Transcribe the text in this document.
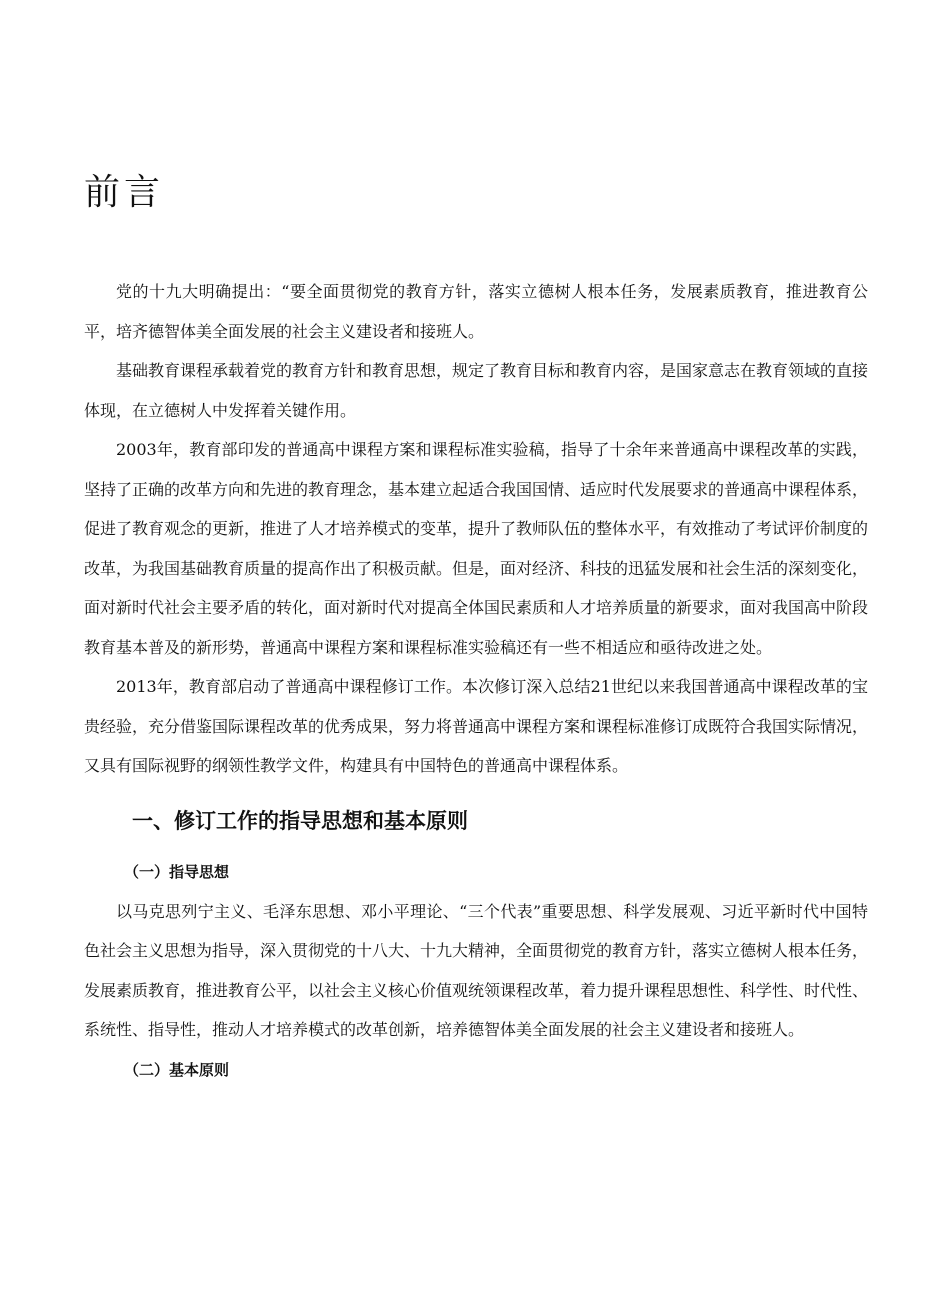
前言

党的十九大明确提出：“要全面贯彻党的教育方针，落实立德树人根本任务，发展素质教育，推进教育公平，培齐德智体美全面发展的社会主义建设者和接班人。

基础教育课程承载着党的教育方针和教育思想，规定了教育目标和教育内容，是国家意志在教育领域的直接体现，在立德树人中发挥着关键作用。

2003年，教育部印发的普通高中课程方案和课程标准实验稿，指导了十余年来普通高中课程改革的实践，坚持了正确的改革方向和先进的教育理念，基本建立起适合我国国情、适应时代发展要求的普通高中课程体系，促进了教育观念的更新，推进了人才培养模式的变革，提升了教师队伍的整体水平，有效推动了考试评价制度的改革，为我国基础教育质量的提高作出了积极贡献。但是，面对经济、科技的迅猛发展和社会生活的深刻变化，面对新时代社会主要矛盾的转化，面对新时代对提高全体国民素质和人才培养质量的新要求，面对我国高中阶段教育基本普及的新形势，普通高中课程方案和课程标准实验稿还有一些不相适应和亟待改进之处。

2013年，教育部启动了普通高中课程修订工作。本次修订深入总结21世纪以来我国普通高中课程改革的宝贵经验，充分借鉴国际课程改革的优秀成果，努力将普通高中课程方案和课程标准修订成既符合我国实际情况，又具有国际视野的纲领性教学文件，构建具有中国特色的普通高中课程体系。

一、修订工作的指导思想和基本原则
（一）指导思想

以马克思列宁主义、毛泽东思想、邓小平理论、“三个代表”重要思想、科学发展观、习近平新时代中国特色社会主义思想为指导，深入贯彻党的十八大、十九大精神，全面贯彻党的教育方针，落实立德树人根本任务，发展素质教育，推进教育公平，以社会主义核心价值观统领课程改革，着力提升课程思想性、科学性、时代性、系统性、指导性，推动人才培养模式的改革创新，培养德智体美全面发展的社会主义建设者和接班人。

（二）基本原则
